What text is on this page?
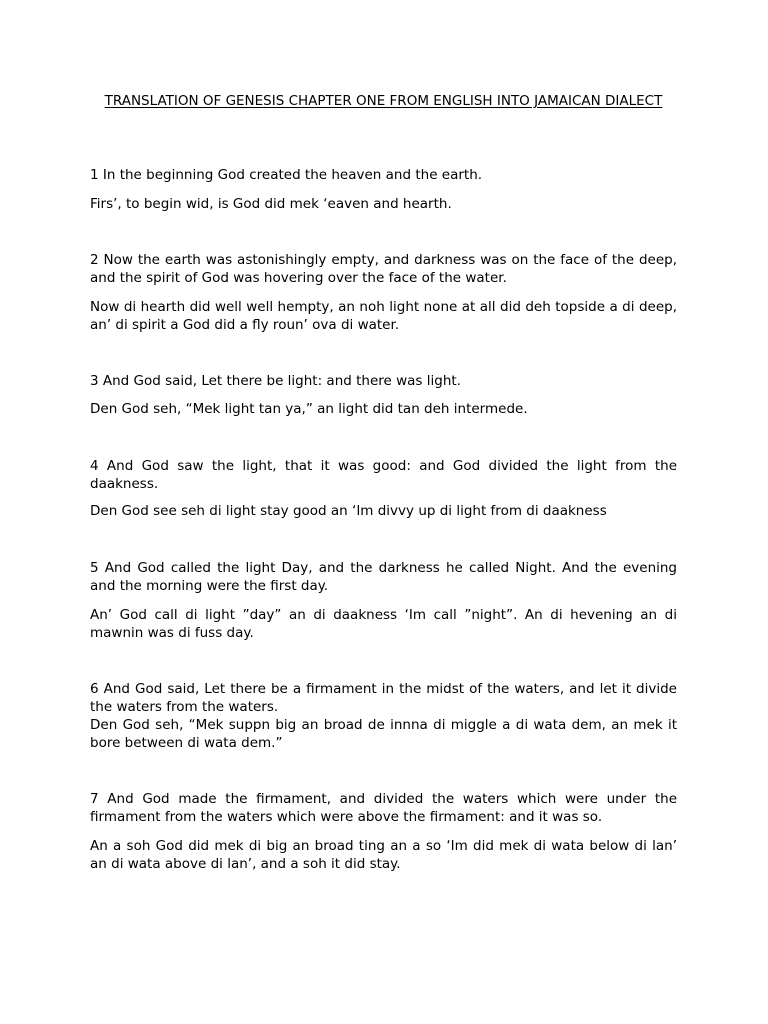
TRANSLATION OF GENESIS CHAPTER ONE FROM ENGLISH INTO JAMAICAN DIALECT

1 In the beginning God created the heaven and the earth.

Firs’, to begin wid, is God did mek ‘eaven and hearth.

2 Now the earth was astonishingly empty, and darkness was on the face of the deep, and the spirit of God was hovering over the face of the water.

Now di hearth did well well hempty, an noh light none at all did deh topside a di deep, an’ di spirit a God did a fly roun’ ova di water.

3 And God said, Let there be light: and there was light.

Den God seh, “Mek light tan ya,” an light did tan deh intermede.

4 And God saw the light, that it was good: and God divided the light from the daakness.

Den God see seh di light stay good an ‘Im divvy up di light from di daakness

5 And God called the light Day, and the darkness he called Night. And the evening and the morning were the first day.

An’ God call di light ”day” an di daakness ‘Im call ”night”. An di hevening an di mawnin was di fuss day.

6 And God said, Let there be a firmament in the midst of the waters, and let it divide the waters from the waters.

Den God seh, “Mek suppn big an broad de innna di miggle a di wata dem, an mek it bore between di wata dem.”

7 And God made the firmament, and divided the waters which were under the firmament from the waters which were above the firmament: and it was so.

An a soh God did mek di big an broad ting an a so ‘Im did mek di wata below di lan’ an di wata above di lan’, and a soh it did stay.
